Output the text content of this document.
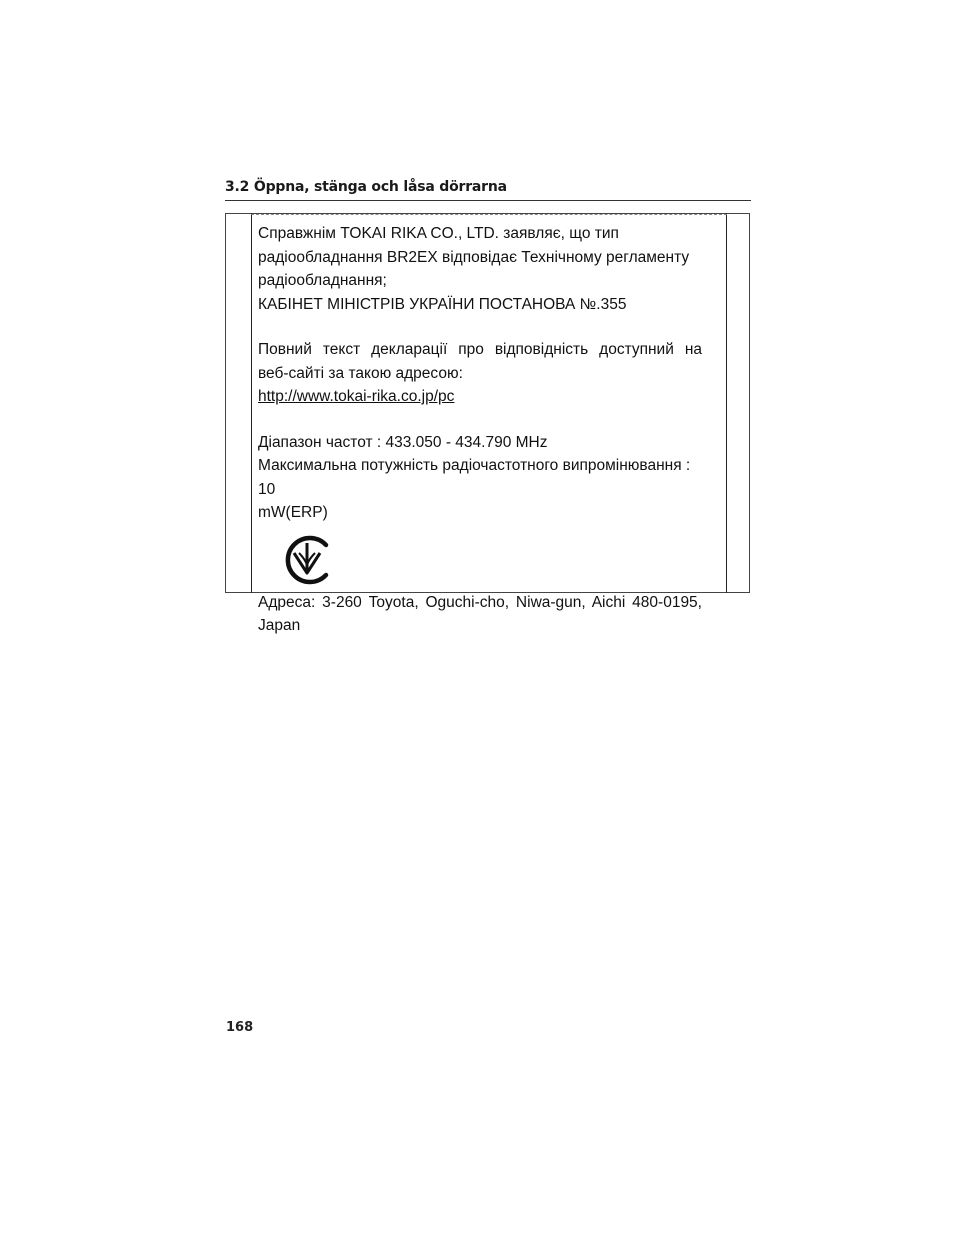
3.2 Öppna, stänga och låsa dörrarna

Справжнім TOKAI RIKA CO., LTD. заявляє, що тип

радіообладнання BR2EX відповідає Технічному регламенту

радіообладнання;

КАБІНЕТ МІНІСТРІВ УКРАЇНИ ПОСТАНОВА №.355

Повний текст декларації про відповідність доступний на

веб-сайті за такою адресою:

http://www.tokai-rika.co.jp/pc

Діапазон частот : 433.050 - 434.790 MHz

Максимальна потужність радіочастотного випромінювання : 10

mW(ERP)

Адреса: 3-260 Toyota, Oguchi-cho, Niwa-gun, Aichi 480-0195,

Japan

168
